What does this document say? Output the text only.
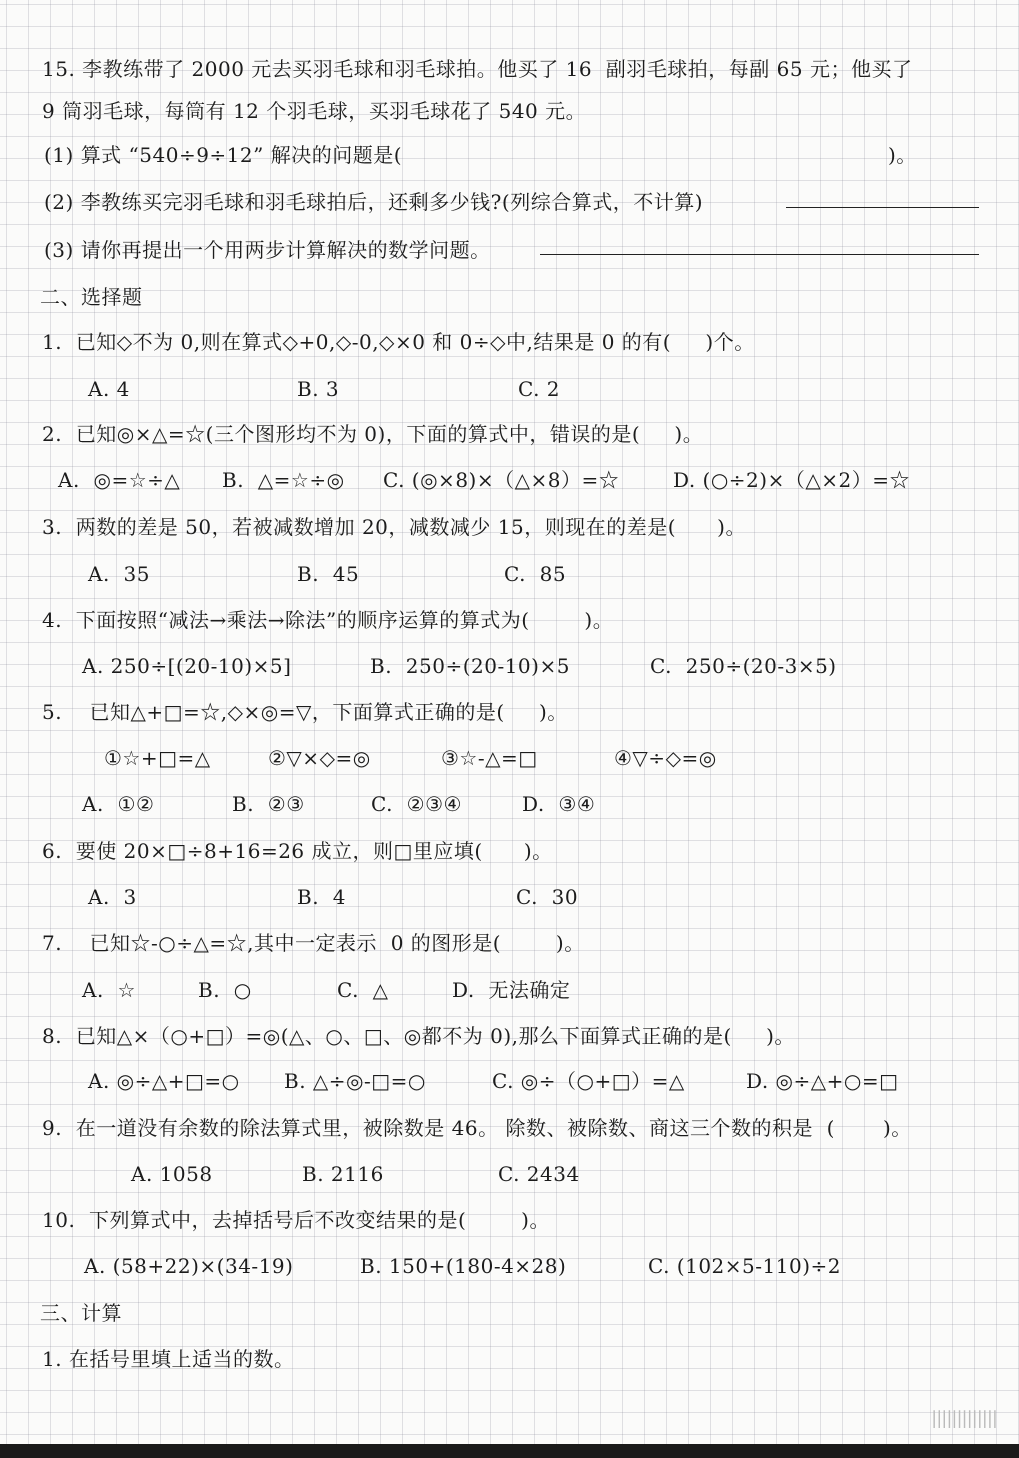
15. 李教练带了 2000 元去买羽毛球和羽毛球拍。他买了 16  副羽毛球拍，每副 65 元；他买了
9 筒羽毛球，每筒有 12 个羽毛球，买羽毛球花了 540 元。
(1) 算式 “540÷9÷12” 解决的问题是(	)。
(2) 李教练买完羽毛球和羽毛球拍后，还剩多少钱?(列综合算式，不计算)
(3) 请你再提出一个用两步计算解决的数学问题。
二、选择题
1.  已知◇不为 0,则在算式◇+0,◇-0,◇×0 和 0÷◇中,结果是 0 的有(     )个。
A. 4	B. 3	C. 2
2.  已知◎×△=☆(三个图形均不为 0)，下面的算式中，错误的是(     )。
A.  ◎=☆÷△ B.  △=☆÷◎ C. (◎×8)×（△×8）=☆	D. (○÷2)×（△×2）=☆
3.  两数的差是 50，若被减数增加 20，减数减少 15，则现在的差是(      )。
A.  35	B.  45	C.  85
4.  下面按照“减法→乘法→除法”的顺序运算的算式为(        )。
A. 250÷[(20-10)×5]	B.  250÷(20-10)×5	C.  250÷(20-3×5)
5.    已知△+□=☆,◇×◎=▽，下面算式正确的是(     )。
①☆+□=△	②▽×◇=◎	③☆-△=□	④▽÷◇=◎
A.  ①②	B.  ②③	C.  ②③④	D.  ③④
6.  要使 20×□÷8+16=26 成立，则□里应填(      )。
A.  3	B.  4	C.  30
7.    已知☆-○÷△=☆,其中一定表示  0 的图形是(        )。
A.  ☆	B.  ○	C.  △	D.  无法确定
8.  已知△×（○+□）=◎(△、○、□、◎都不为 0),那么下面算式正确的是(     )。
A. ◎÷△+□=○ B. △÷◎-□=○	C. ◎÷（○+□）=△	D. ◎÷△+○=□
9.  在一道没有余数的除法算式里，被除数是 46。 除数、被除数、商这三个数的积是  (       )。
A. 1058	B. 2116	C. 2434
10.  下列算式中，去掉括号后不改变结果的是(        )。
A. (58+22)×(34-19)	B. 150+(180-4×28)	C. (102×5-110)÷2
三、计算
1. 在括号里填上适当的数。
|||||||||||||
